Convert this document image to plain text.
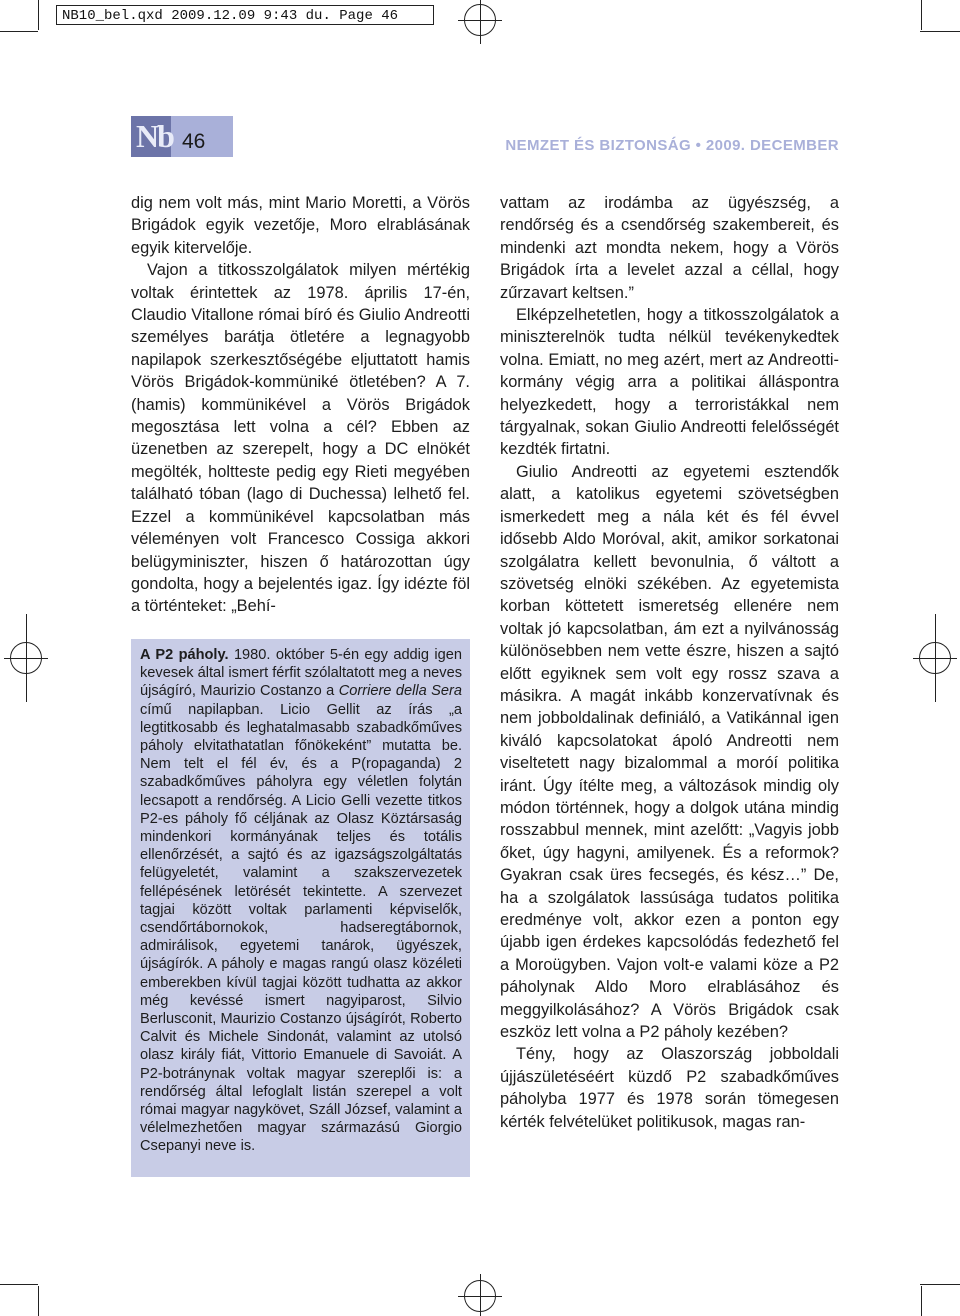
NB10_bel.qxd 2009.12.09 9:43 du. Page 46
Nb 46	NEMZET ÉS BIZTONSÁG • 2009. DECEMBER

dig nem volt más, mint Mario Moretti, a Vörös Brigádok egyik vezetője, Moro elrablásának egyik kitervelője.

Vajon a titkosszolgálatok milyen mértékig voltak érintettek az 1978. április 17-én, Claudio Vitallone római bíró és Giulio Andreotti személyes barátja ötletére a legnagyobb napilapok szerkesztőségébe eljuttatott hamis Vörös Brigádok-kommüniké ötletében? A 7. (hamis) kommünikével a Vörös Brigádok megosztása lett volna a cél? Ebben az üzenetben az szerepelt, hogy a DC elnökét megölték, holtteste pedig egy Rieti megyében található tóban (lago di Duchessa) lelhető fel. Ezzel a kommünikével kapcsolatban más véleményen volt Francesco Cossiga akkori belügyminiszter, hiszen ő határozottan úgy gondolta, hogy a bejelentés igaz. Így idézte föl a történteket: „Behí-

A P2 páholy. 1980. október 5-én egy addig igen kevesek által ismert férfit szólaltatott meg a neves újságíró, Maurizio Costanzo a Corriere della Sera című napilapban. Licio Gellit az írás „a legtitkosabb és leghatalmasabb szabadkőműves páholy elvitathatatlan főnökeként” mutatta be. Nem telt el fél év, és a P(ropaganda) 2 szabadkőműves páholyra egy véletlen folytán lecsapott a rendőrség. A Licio Gelli vezette titkos P2-es páholy fő céljának az Olasz Köztársaság mindenkori kormányának teljes és totális ellenőrzését, a sajtó és az igazságszolgáltatás felügyeletét, valamint a szakszervezetek fellépésének letörését tekintette. A szervezet tagjai között voltak parlamenti képviselők, csendőrtábornokok, hadseregtábornok, admirálisok, egyetemi tanárok, ügyészek, újságírók. A páholy e magas rangú olasz közéleti emberekben kívül tagjai között tudhatta az akkor még kevéssé ismert nagyiparost, Silvio Berlusconit, Maurizio Costanzo újságírót, Roberto Calvit és Michele Sindonát, valamint az utolsó olasz király fiát, Vittorio Emanuele di Savoiát. A P2-botránynak voltak magyar szereplői is: a rendőrség által lefoglalt listán szerepel a volt római magyar nagykövet, Száll József, valamint a vélelmezhetően magyar származású Giorgio Csepanyi neve is.

vattam az irodámba az ügyészség, a rendőrség és a csendőrség szakembereit, és mindenki azt mondta nekem, hogy a Vörös Brigádok írta a levelet azzal a céllal, hogy zűrzavart keltsen.”

Elképzelhetetlen, hogy a titkosszolgálatok a miniszterelnök tudta nélkül tevékenykedtek volna. Emiatt, no meg azért, mert az Andreotti-kormány végig arra a politikai álláspontra helyezkedett, hogy a terroristákkal nem tárgyalnak, sokan Giulio Andreotti felelősségét kezdték firtatni.

Giulio Andreotti az egyetemi esztendők alatt, a katolikus egyetemi szövetségben ismerkedett meg a nála két és fél évvel idősebb Aldo Moróval, akit, amikor sorkatonai szolgálatra kellett bevonulnia, ő váltott a szövetség elnöki székében. Az egyetemista korban köttetett ismeretség ellenére nem voltak jó kapcsolatban, ám ezt a nyilvánosság különösebben nem vette észre, hiszen a sajtó előtt egyiknek sem volt egy rossz szava a másikra. A magát inkább konzervatívnak és nem jobboldalinak definiáló, a Vatikánnal igen kiváló kapcsolatokat ápoló Andreotti nem viseltetett nagy bizalommal a moróí politika iránt. Úgy ítélte meg, a változások mindig oly módon történnek, hogy a dolgok utána mindig rosszabbul mennek, mint azelőtt: „Vagyis jobb őket, úgy hagyni, amilyenek. És a reformok? Gyakran csak üres fecsegés, és kész…” De, ha a szolgálatok lassúsága tudatos politika eredménye volt, akkor ezen a ponton egy újabb igen érdekes kapcsolódás fedezhető fel a Moroügyben. Vajon volt-e valami köze a P2 páholynak Aldo Moro elrablásához és meggyilkolásához? A Vörös Brigádok csak eszköz lett volna a P2 páholy kezében?

Tény, hogy az Olaszország jobboldali újjászületéséért küzdő P2 szabadkőműves páholyba 1977 és 1978 során tömegesen kérték felvételüket politikusok, magas ran-
